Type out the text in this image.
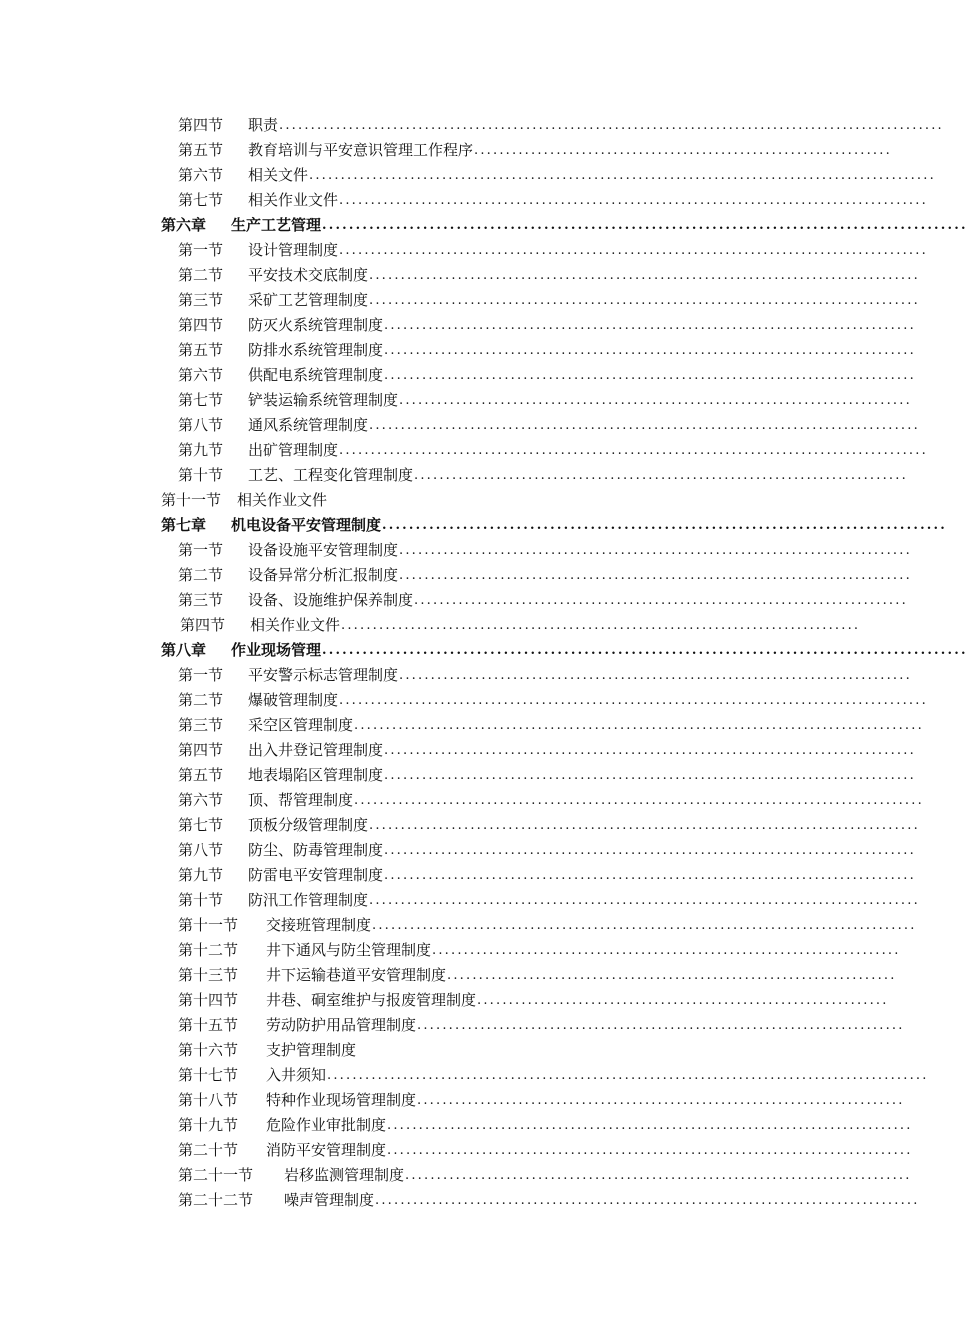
第四节 职责 .........................................................................................................
第五节 教育培训与平安意识管理工作程序 ..................................................................
第六节 相关文件 ...................................................................................................
第七节 相关作业文件 .............................................................................................
第六章 生产工艺管理 ................................................................................................
第一节 设计管理制度 .............................................................................................
第二节 平安技术交底制度 .......................................................................................
第三节 采矿工艺管理制度 .......................................................................................
第四节 防灭火系统管理制度 ....................................................................................
第五节 防排水系统管理制度 ....................................................................................
第六节 供配电系统管理制度 ....................................................................................
第七节 铲装运输系统管理制度 .................................................................................
第八节 通风系统管理制度 .......................................................................................
第九节 出矿管理制度 .............................................................................................
第十节 工艺、工程变化管理制度 ..............................................................................
第十一节 相关作业文件
第七章 机电设备平安管理制度 ....................................................................................
第一节 设备设施平安管理制度 .................................................................................
第二节 设备异常分析汇报制度 .................................................................................
第三节 设备、设施维护保养制度 ..............................................................................
第四节 相关作业文件 ..................................................................................
第八章 作业现场管理 ................................................................................................
第一节 平安警示标志管理制度 .................................................................................
第二节 爆破管理制度 .............................................................................................
第三节 采空区管理制度 ..........................................................................................
第四节 出入井登记管理制度 ....................................................................................
第五节 地表塌陷区管理制度 ....................................................................................
第六节 顶、帮管理制度 ..........................................................................................
第七节 顶板分级管理制度 .......................................................................................
第八节 防尘、防毒管理制度 ....................................................................................
第九节 防雷电平安管理制度 ....................................................................................
第十节 防汛工作管理制度 .......................................................................................
第十一节 交接班管理制度 ......................................................................................
第十二节 井下通风与防尘管理制度 ..........................................................................
第十三节 井下运输巷道平安管理制度 .......................................................................
第十四节 井巷、硐室维护与报废管理制度 .................................................................
第十五节 劳动防护用品管理制度 .............................................................................
第十六节 支护管理制度
第十七节 入井须知 ...............................................................................................
第十八节 特种作业现场管理制度 .............................................................................
第十九节 危险作业审批制度 ...................................................................................
第二十节 消防平安管理制度 ...................................................................................
第二十一节 岩移监测管理制度 ................................................................................
第二十二节 噪声管理制度 ......................................................................................
